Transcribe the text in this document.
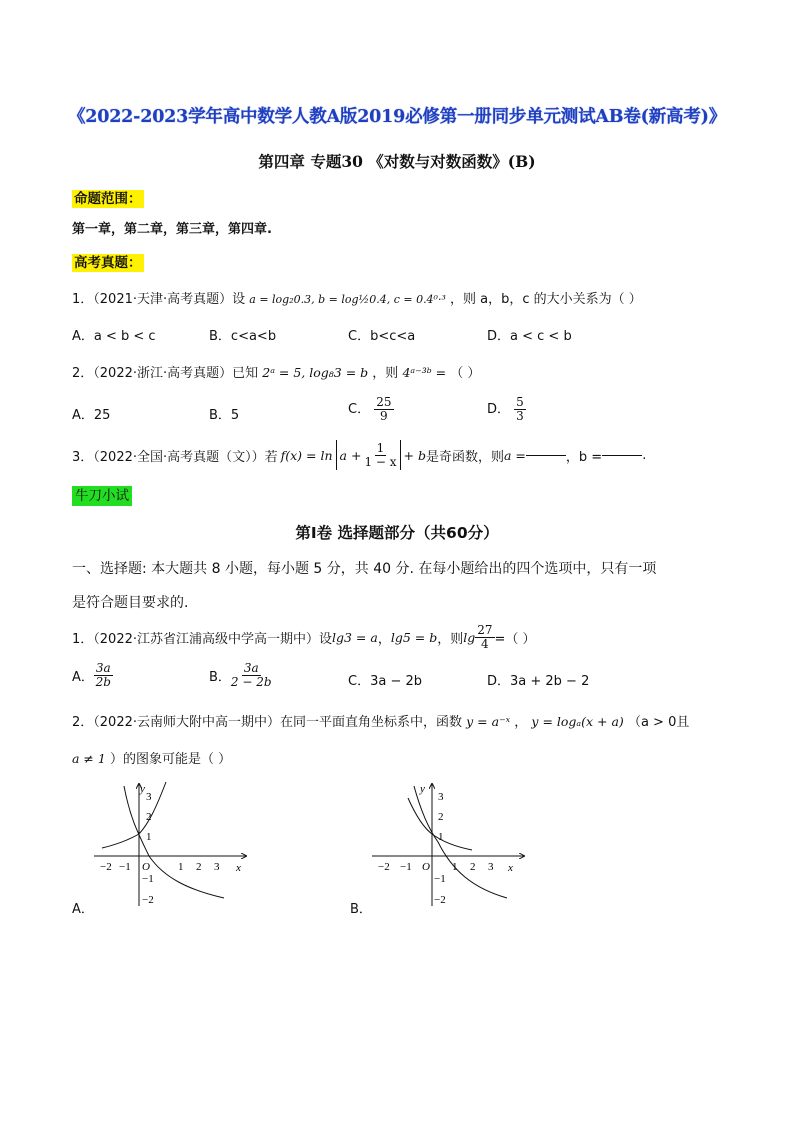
《2022-2023学年高中数学人教A版2019必修第一册同步单元测试AB卷(新高考)》
第四章 专题30 《对数与对数函数》(B)
命题范围：
第一章，第二章，第三章，第四章.
高考真题：
1．（2021·天津·高考真题）设 a = log₂0.3, b = log½0.4, c = 0.4⁰·³ ，则 a，b，c 的大小关系为（ ）
A．a < b < c	B．c<a<b	C．b<c<a	D．a < c < b
2．（2022·浙江·高考真题）已知 2ᵃ = 5, log₈3 = b ，则 4ᵃ⁻³ᵇ = （ ）
A．25	B．5	C． $\frac{25}{9}$	D． $\frac{5}{3}$
3．（2022·全国·高考真题（文））若 $f(x) = \ln a + \frac{1}{1 - x} + b$ 是奇函数，则 a =	，b =	.
牛刀小试
第Ⅰ卷 选择题部分（共60分）
一、选择题: 本大题共 8 小题，每小题 5 分，共 40 分. 在每小题给出的四个选项中，只有一项
是符合题目要求的.
1．（2022·江苏省江浦高级中学高一期中）设 lg3 = a ， lg5 = b ，则 $\lg \frac{27}{4}$ =（ ）
A． $\frac{3a}{2b}$	B． $\frac{3a}{2 - 2b}$	C．3a − 2b	D．3a + 2b − 2
2．（2022·云南师大附中高一期中）在同一平面直角坐标系中，函数 y = a⁻ˣ ， y = logₐ(x + a) （a > 0且
a ≠ 1 ）的图象可能是（ ）
y
x
O
3
2
1
−1
−2
−2 −1	1 2 3
A．
y
x
O
3
2
1
−1
−2
−2 −1	1 2 3
B．
